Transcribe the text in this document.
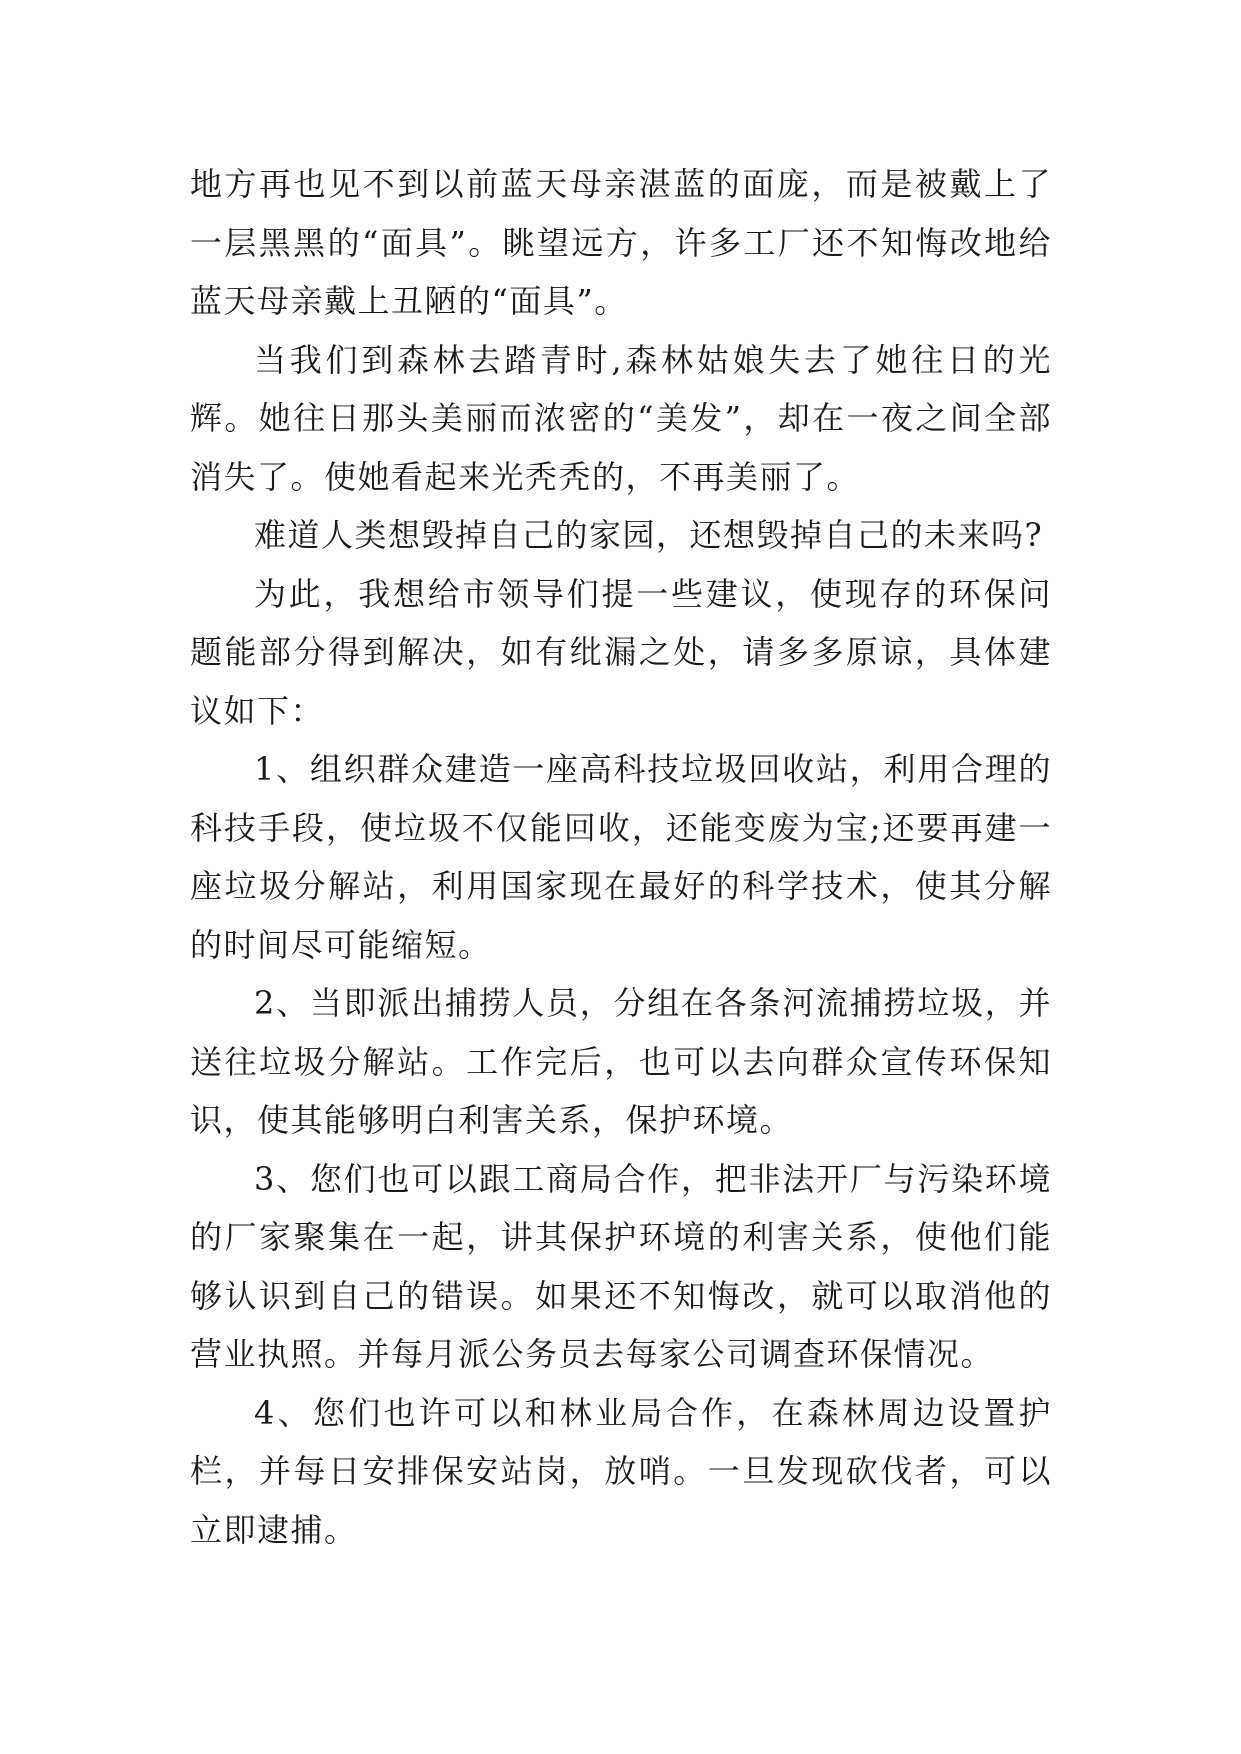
地方再也见不到以前蓝天母亲湛蓝的面庞，而是被戴上了一层黑黑的“面具”。眺望远方，许多工厂还不知悔改地给蓝天母亲戴上丑陋的“面具”。

当我们到森林去踏青时,森林姑娘失去了她往日的光辉。她往日那头美丽而浓密的“美发”，却在一夜之间全部消失了。使她看起来光秃秃的，不再美丽了。

难道人类想毁掉自己的家园，还想毁掉自己的未来吗?

为此，我想给市领导们提一些建议，使现存的环保问题能部分得到解决，如有纰漏之处，请多多原谅，具体建议如下：

1、组织群众建造一座高科技垃圾回收站，利用合理的科技手段，使垃圾不仅能回收，还能变废为宝;还要再建一座垃圾分解站，利用国家现在最好的科学技术，使其分解的时间尽可能缩短。

2、当即派出捕捞人员，分组在各条河流捕捞垃圾，并送往垃圾分解站。工作完后，也可以去向群众宣传环保知识，使其能够明白利害关系，保护环境。

3、您们也可以跟工商局合作，把非法开厂与污染环境的厂家聚集在一起，讲其保护环境的利害关系，使他们能够认识到自己的错误。如果还不知悔改，就可以取消他的营业执照。并每月派公务员去每家公司调查环保情况。

4、您们也许可以和林业局合作，在森林周边设置护栏，并每日安排保安站岗，放哨。一旦发现砍伐者，可以立即逮捕。
